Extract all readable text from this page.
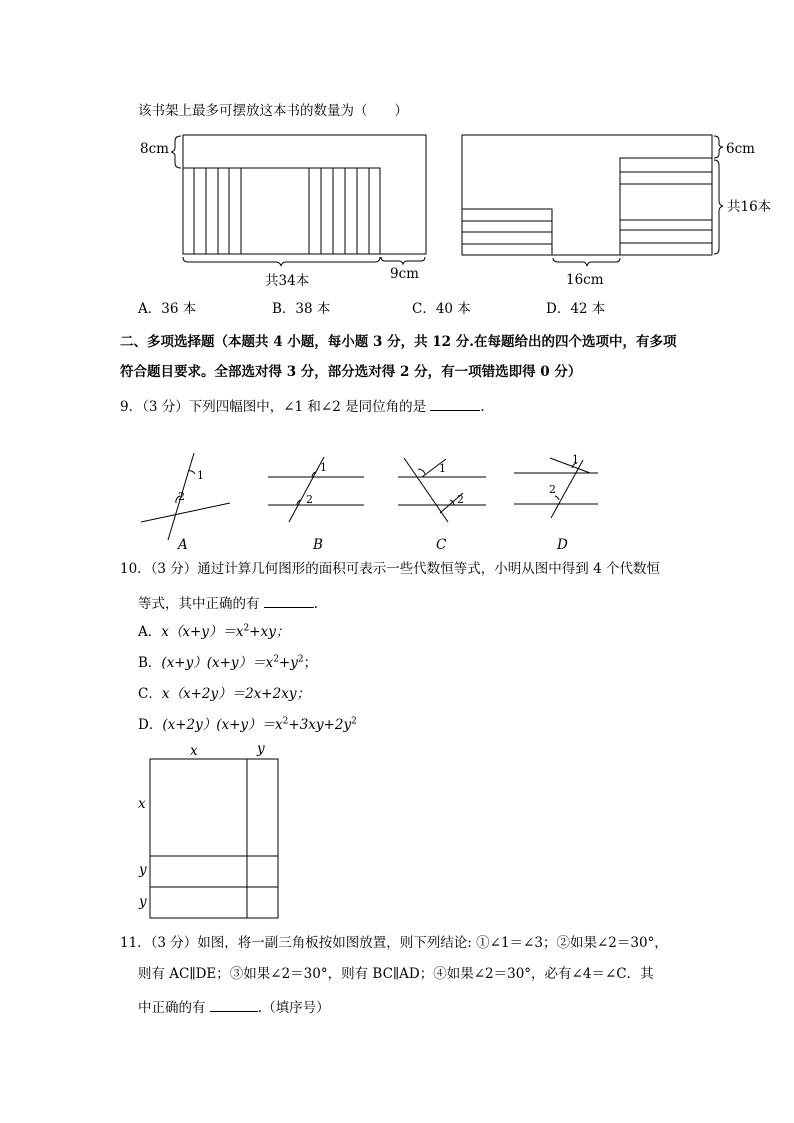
该书架上最多可摆放这本书的数量为（　　）
8cm
共34本	9cm
6cm
共16本
16cm
A．36 本	B．38 本	C．40 本	D．42 本
二、多项选择题（本题共 4 小题，每小题 3 分，共 12 分.在每题给出的四个选项中，有多项
符合题目要求。全部选对得 3 分，部分选对得 2 分，有一项错选即得 0 分）
9．（3 分）下列四幅图中，∠1 和∠2 是同位角的是	.
1
2
1
2
1
2
1
2
A	B	C	D
10．（3 分）通过计算几何图形的面积可表示一些代数恒等式，小明从图中得到 4 个代数恒
等式，其中正确的有	.
A．$x(x+y)=x^2+xy$；
B．$(x+y)(x+y)=x^2+y^2$；
C．x（x+2y）＝2x+2xy；
D．$(x+2y)(x+y)=x^2+3xy+2y^2$
x	y
x
y
y
11．（3 分）如图，将一副三角板按如图放置，则下列结论: ①∠1＝∠3；②如果∠2＝30°，
则有 AC∥DE；③如果∠2＝30°，则有 BC∥AD；④如果∠2＝30°，必有∠4＝∠C．其
中正确的有	.（填序号）
